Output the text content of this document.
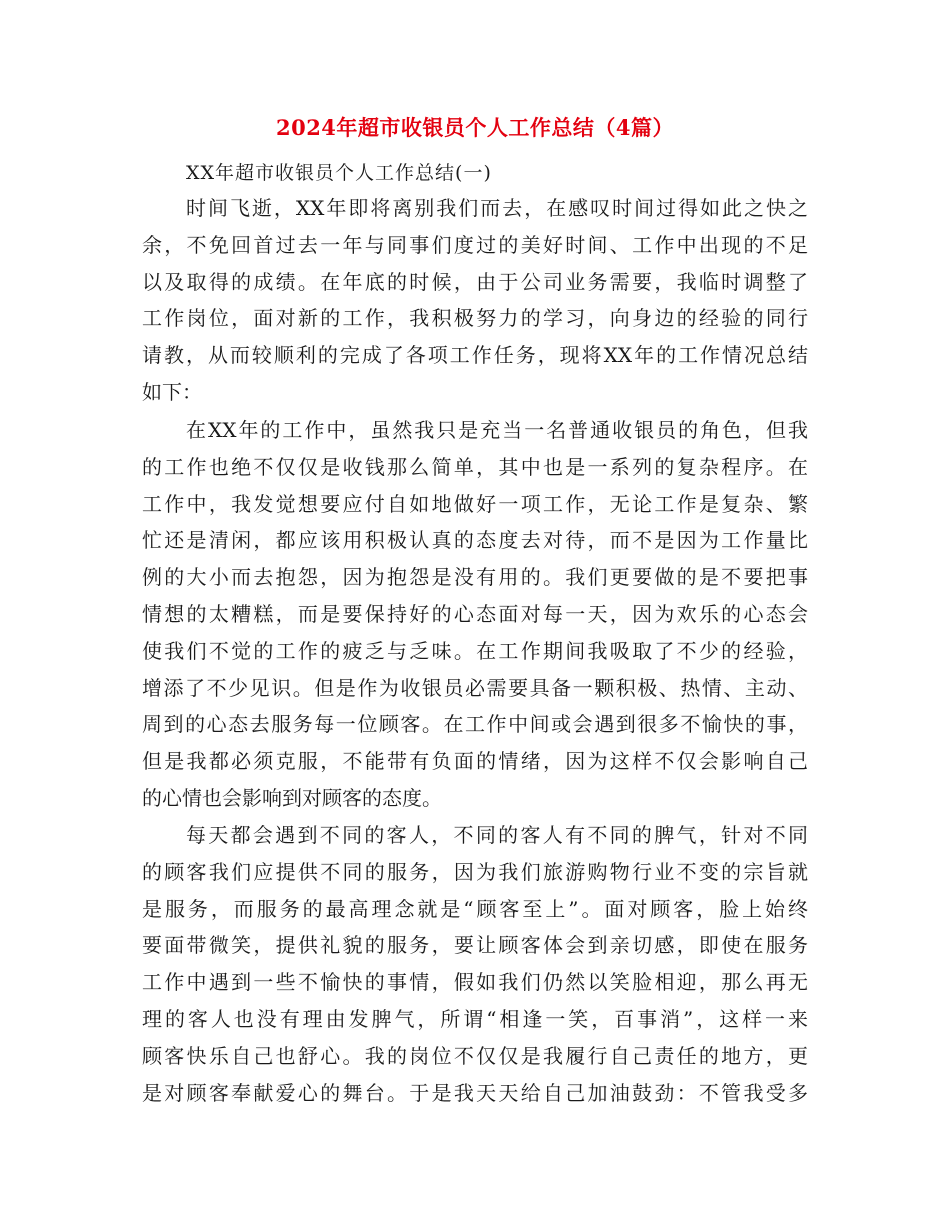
2024年超市收银员个人工作总结（4篇）
XX年超市收银员个人工作总结(一)
时间飞逝，XX年即将离别我们而去，在感叹时间过得如此之快之
余，不免回首过去一年与同事们度过的美好时间、工作中出现的不足
以及取得的成绩。在年底的时候，由于公司业务需要，我临时调整了
工作岗位，面对新的工作，我积极努力的学习，向身边的经验的同行
请教，从而较顺利的完成了各项工作任务，现将XX年的工作情况总结
如下：
在XX年的工作中，虽然我只是充当一名普通收银员的角色，但我
的工作也绝不仅仅是收钱那么简单，其中也是一系列的复杂程序。在
工作中，我发觉想要应付自如地做好一项工作，无论工作是复杂、繁
忙还是清闲，都应该用积极认真的态度去对待，而不是因为工作量比
例的大小而去抱怨，因为抱怨是没有用的。我们更要做的是不要把事
情想的太糟糕，而是要保持好的心态面对每一天，因为欢乐的心态会
使我们不觉的工作的疲乏与乏味。在工作期间我吸取了不少的经验，
增添了不少见识。但是作为收银员必需要具备一颗积极、热情、主动、
周到的心态去服务每一位顾客。在工作中间或会遇到很多不愉快的事，
但是我都必须克服，不能带有负面的情绪，因为这样不仅会影响自己
的心情也会影响到对顾客的态度。
每天都会遇到不同的客人，不同的客人有不同的脾气，针对不同
的顾客我们应提供不同的服务，因为我们旅游购物行业不变的宗旨就
是服务，而服务的最高理念就是“顾客至上”。面对顾客，脸上始终
要面带微笑，提供礼貌的服务，要让顾客体会到亲切感，即使在服务
工作中遇到一些不愉快的事情，假如我们仍然以笑脸相迎，那么再无
理的客人也没有理由发脾气，所谓“相逢一笑，百事消”，这样一来
顾客快乐自己也舒心。我的岗位不仅仅是我履行自己责任的地方，更
是对顾客奉献爱心的舞台。于是我天天给自己加油鼓劲：不管我受多
